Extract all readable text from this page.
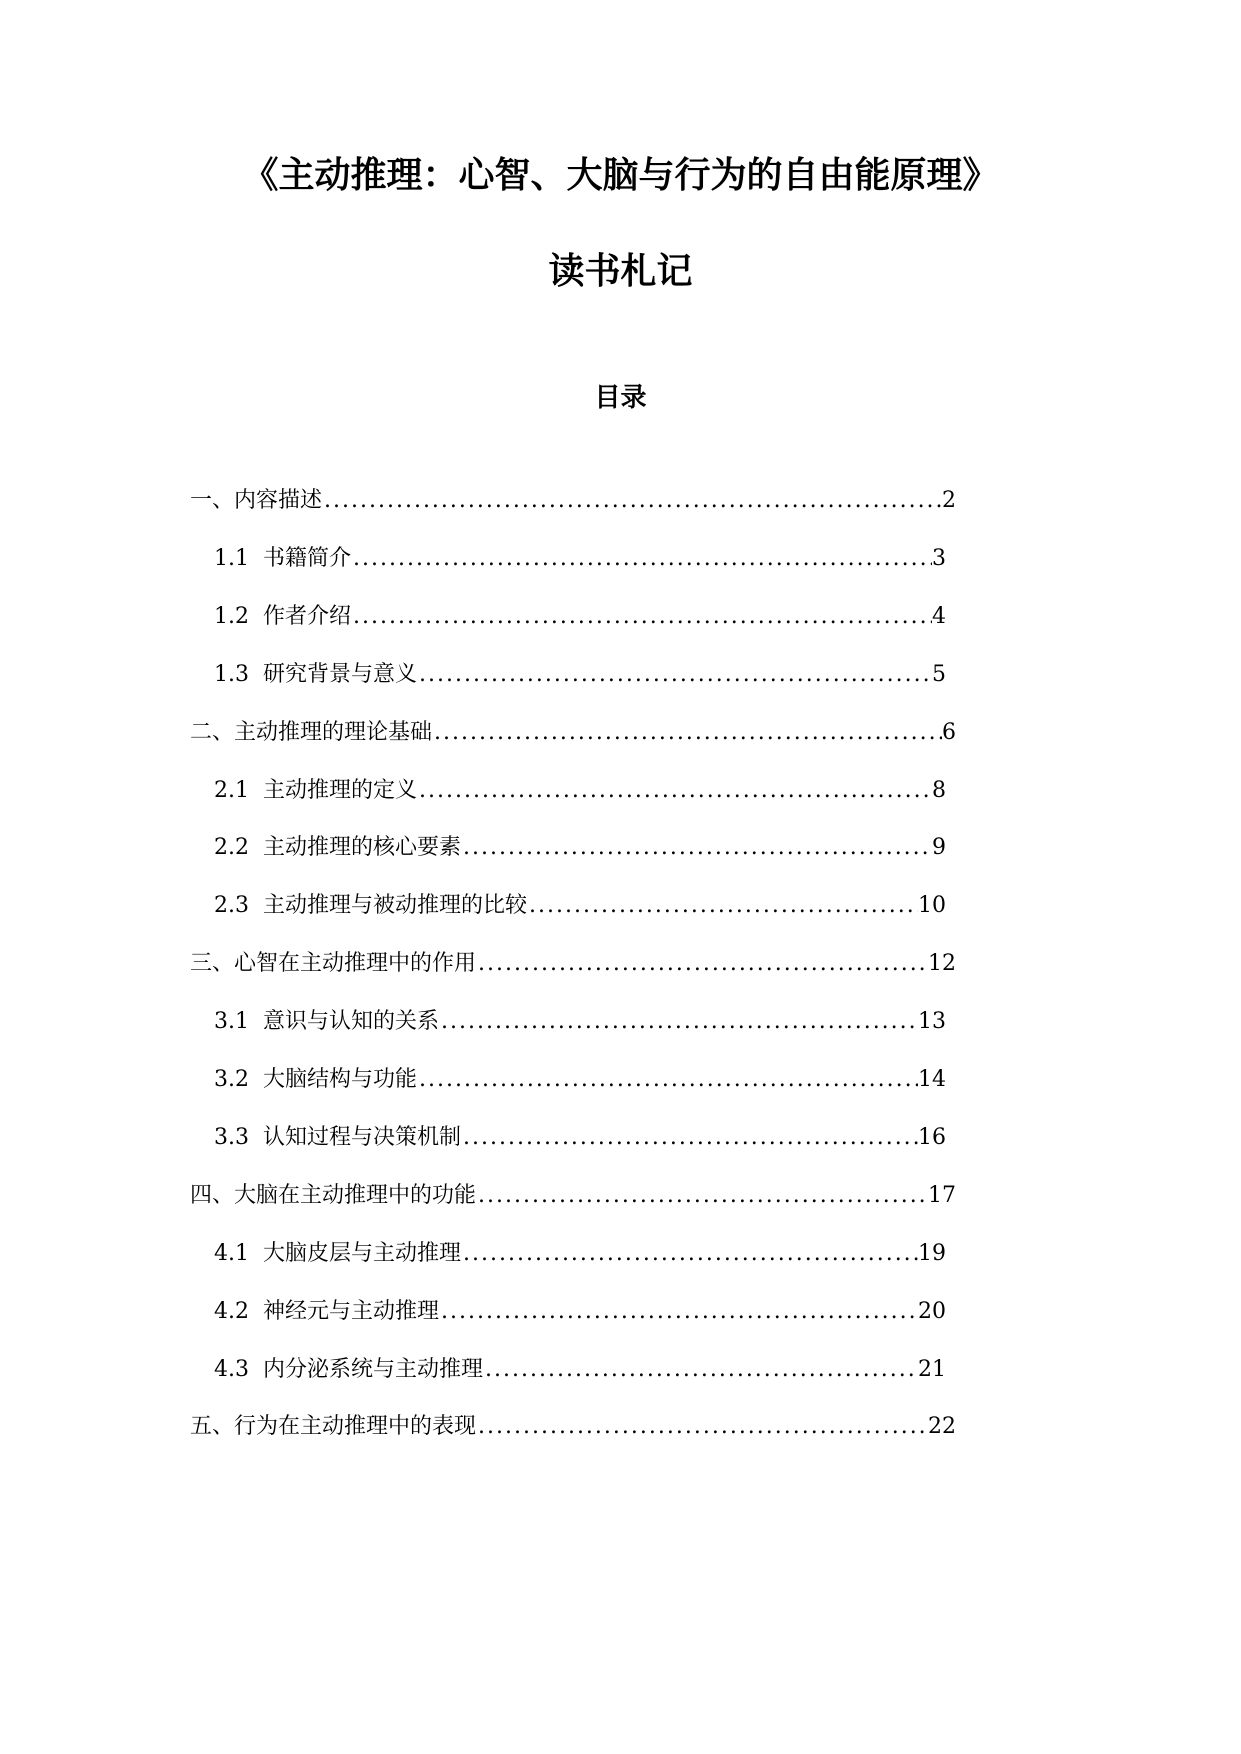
《主动推理：心智、大脑与行为的自由能原理》
读书札记
目录
一、内容描述 .....	2
1.1 书籍简介 .....	3
1.2 作者介绍 .....	4
1.3 研究背景与意义 .....	5
二、主动推理的理论基础 .....	6
2.1 主动推理的定义 .....	8
2.2 主动推理的核心要素 .....	9
2.3 主动推理与被动推理的比较 .....	10
三、心智在主动推理中的作用 .....	12
3.1 意识与认知的关系 .....	13
3.2 大脑结构与功能 .....	14
3.3 认知过程与决策机制 .....	16
四、大脑在主动推理中的功能 .....	17
4.1 大脑皮层与主动推理 .....	19
4.2 神经元与主动推理 .....	20
4.3 内分泌系统与主动推理 .....	21
五、行为在主动推理中的表现 .....	22
